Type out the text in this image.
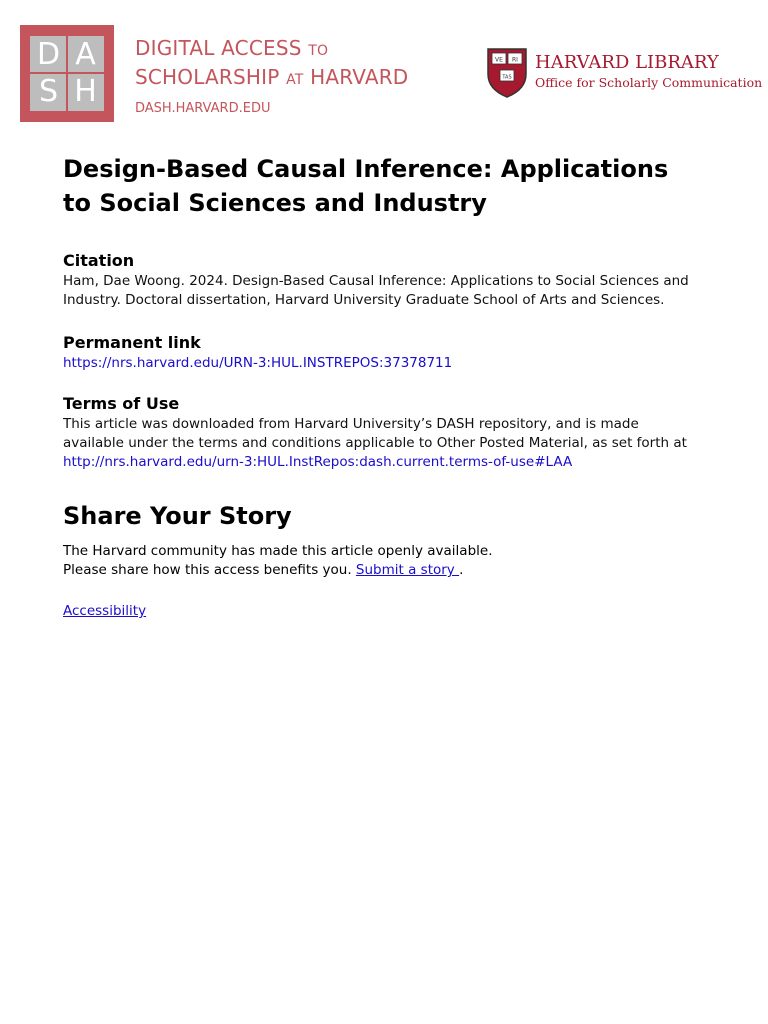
D A
S H
DIGITAL ACCESS TO
SCHOLARSHIP AT HARVARD
DASH.HARVARD.EDU
VE RI
TAS
HARVARD LIBRARY
Office for Scholarly Communication
Design-Based Causal Inference: Applications to Social Sciences and Industry
Citation

Ham, Dae Woong. 2024. Design-Based Causal Inference: Applications to Social Sciences and Industry. Doctoral dissertation, Harvard University Graduate School of Arts and Sciences.

Permanent link

https://nrs.harvard.edu/URN-3:HUL.INSTREPOS:37378711

Terms of Use

This article was downloaded from Harvard University’s DASH repository, and is made available under the terms and conditions applicable to Other Posted Material, as set forth at http://nrs.harvard.edu/urn-3:HUL.InstRepos:dash.current.terms-of-use#LAA

Share Your Story
The Harvard community has made this article openly available.
Please share how this access benefits you. Submit a story .
Accessibility
